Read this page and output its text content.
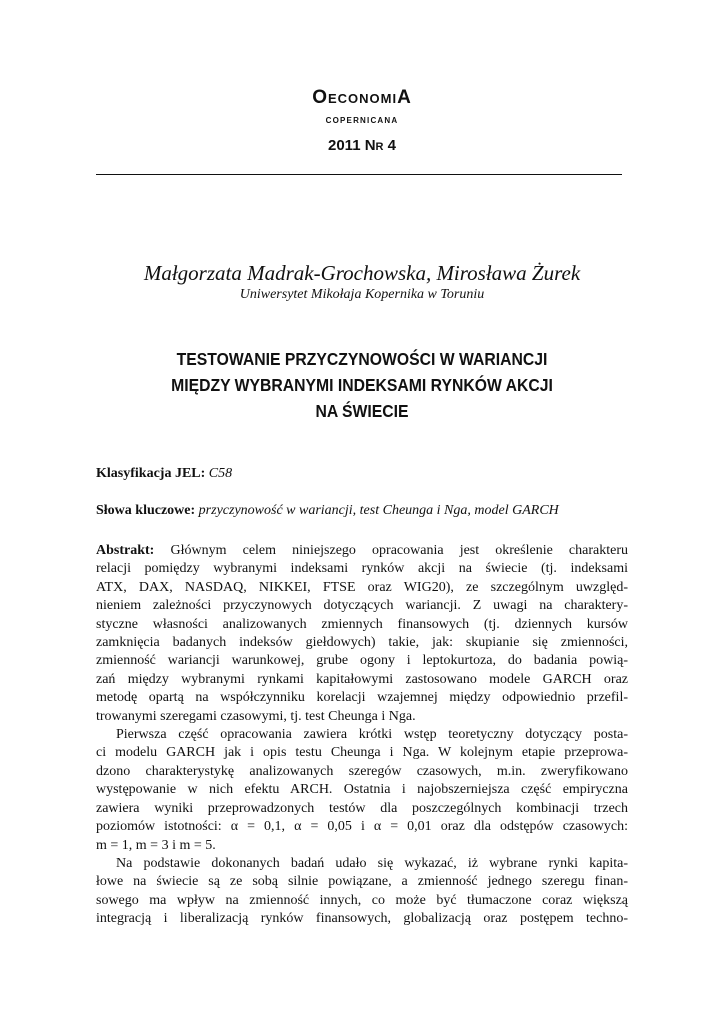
OeconomiA
copernicana
2011 Nr 4
Małgorzata Madrak-Grochowska, Mirosława Żurek
Uniwersytet Mikołaja Kopernika w Toruniu
TESTOWANIE PRZYCZYNOWOŚCI W WARIANCJI
MIĘDZY WYBRANYMI INDEKSAMI RYNKÓW AKCJI
NA ŚWIECIE
Klasyfikacja JEL: C58
Słowa kluczowe: przyczynowość w wariancji, test Cheunga i Nga, model GARCH
Abstrakt: Głównym celem niniejszego opracowania jest określenie charakteru
relacji pomiędzy wybranymi indeksami rynków akcji na świecie (tj. indeksami
ATX, DAX, NASDAQ, NIKKEI, FTSE oraz WIG20), ze szczególnym uwzględ-
nieniem zależności przyczynowych dotyczących wariancji. Z uwagi na charaktery-
styczne własności analizowanych zmiennych finansowych (tj. dziennych kursów
zamknięcia badanych indeksów giełdowych) takie, jak: skupianie się zmienności,
zmienność wariancji warunkowej, grube ogony i leptokurtoza, do badania powią-
zań między wybranymi rynkami kapitałowymi zastosowano modele GARCH oraz
metodę opartą na współczynniku korelacji wzajemnej między odpowiednio przefil-
trowanymi szeregami czasowymi, tj. test Cheunga i Nga.
Pierwsza część opracowania zawiera krótki wstęp teoretyczny dotyczący posta-
ci modelu GARCH jak i opis testu Cheunga i Nga. W kolejnym etapie przeprowa-
dzono charakterystykę analizowanych szeregów czasowych, m.in. zweryfikowano
występowanie w nich efektu ARCH. Ostatnia i najobszerniejsza część empiryczna
zawiera wyniki przeprowadzonych testów dla poszczególnych kombinacji trzech
poziomów istotności: α = 0,1, α = 0,05 i α = 0,01 oraz dla odstępów czasowych:
m = 1, m = 3 i m = 5.
Na podstawie dokonanych badań udało się wykazać, iż wybrane rynki kapita-
łowe na świecie są ze sobą silnie powiązane, a zmienność jednego szeregu finan-
sowego ma wpływ na zmienność innych, co może być tłumaczone coraz większą
integracją i liberalizacją rynków finansowych, globalizacją oraz postępem techno-
